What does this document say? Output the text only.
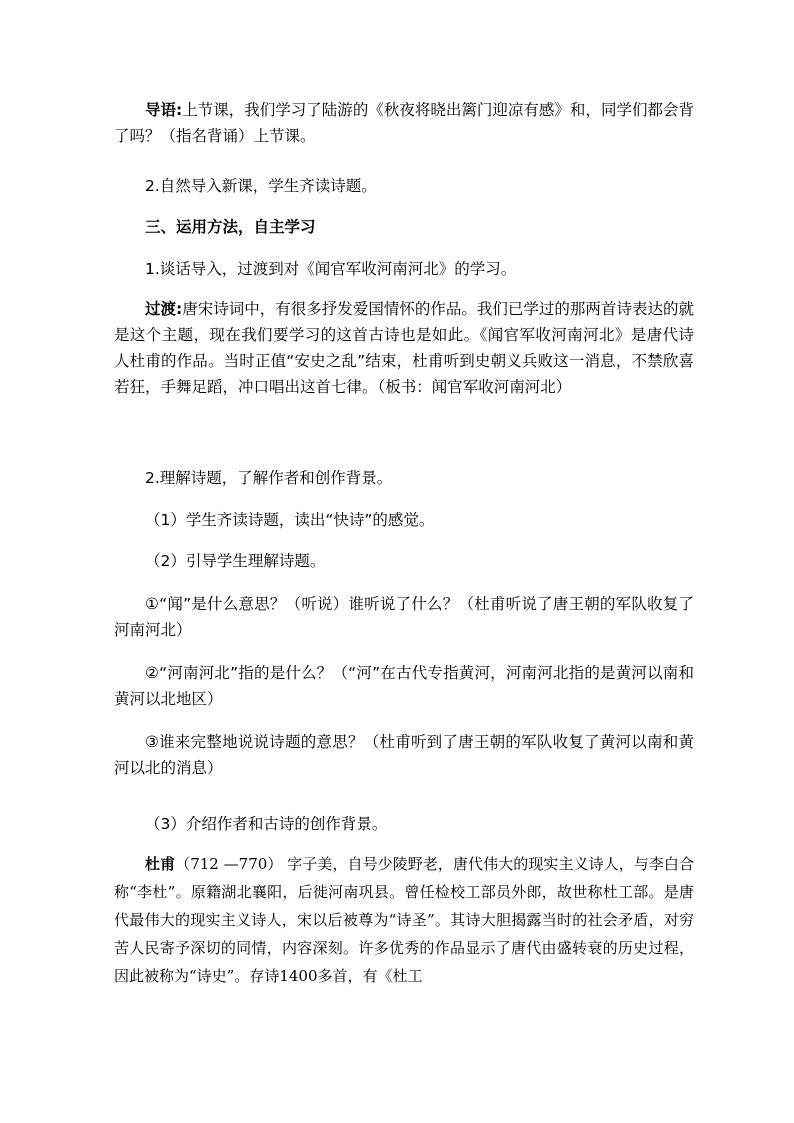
导语:上节课，我们学习了陆游的《秋夜将晓出篱门迎凉有感》和，同学们都会背了吗？（指名背诵）上节课。

2.自然导入新课，学生齐读诗题。

三、运用方法，自主学习

1.谈话导入，过渡到对《闻官军收河南河北》的学习。

过渡:唐宋诗词中，有很多抒发爱国情怀的作品。我们已学过的那两首诗表达的就是这个主题，现在我们要学习的这首古诗也是如此。《闻官军收河南河北》是唐代诗人杜甫的作品。当时正值“安史之乱”结束，杜甫听到史朝义兵败这一消息，不禁欣喜若狂，手舞足蹈，冲口唱出这首七律。（板书：闻官军收河南河北）

2.理解诗题，了解作者和创作背景。

（1）学生齐读诗题，读出“快诗”的感觉。

（2）引导学生理解诗题。

①“闻”是什么意思？（听说）谁听说了什么？（杜甫听说了唐王朝的军队收复了河南河北）

②“河南河北”指的是什么？（“河”在古代专指黄河，河南河北指的是黄河以南和黄河以北地区）

③谁来完整地说说诗题的意思？（杜甫听到了唐王朝的军队收复了黄河以南和黄河以北的消息）

（3）介绍作者和古诗的创作背景。

杜甫（712 —770） 字子美，自号少陵野老，唐代伟大的现实主义诗人，与李白合称“李杜”。原籍湖北襄阳，后徙河南巩县。曾任检校工部员外郎，故世称杜工部。是唐代最伟大的现实主义诗人，宋以后被尊为“诗圣”。其诗大胆揭露当时的社会矛盾，对穷苦人民寄予深切的同情，内容深刻。许多优秀的作品显示了唐代由盛转衰的历史过程，因此被称为“诗史”。存诗1400多首，有《杜工
